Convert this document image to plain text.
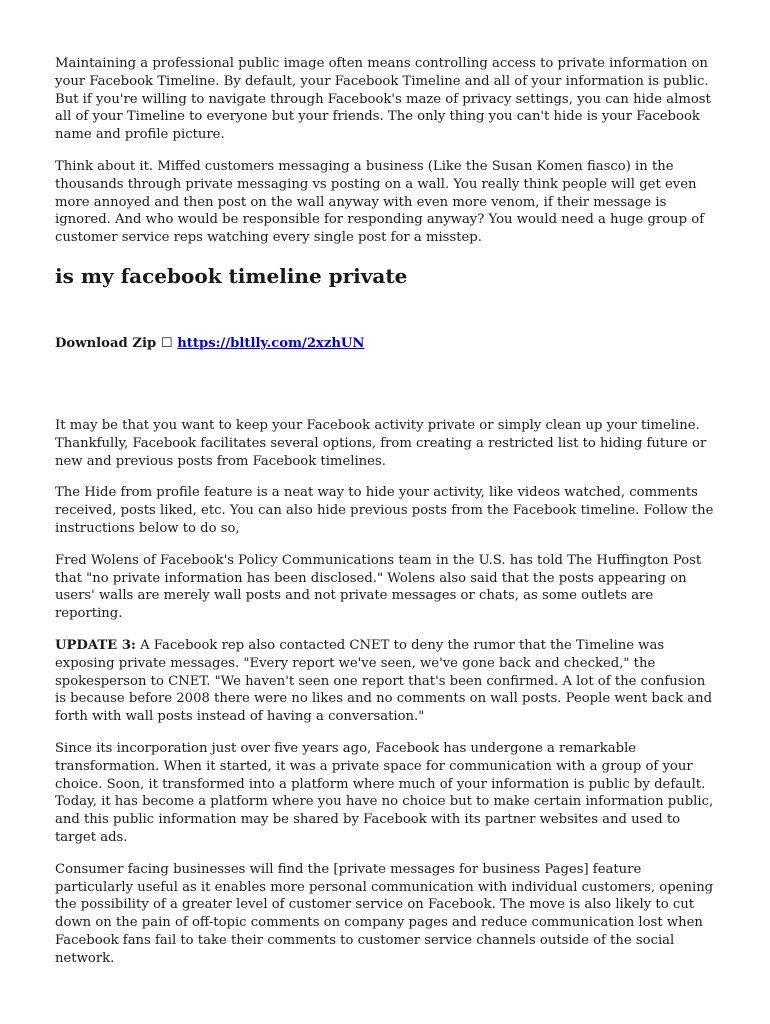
Maintaining a professional public image often means controlling access to private information on your Facebook Timeline. By default, your Facebook Timeline and all of your information is public. But if you're willing to navigate through Facebook's maze of privacy settings, you can hide almost all of your Timeline to everyone but your friends. The only thing you can't hide is your Facebook name and profile picture.

Think about it. Miffed customers messaging a business (Like the Susan Komen fiasco) in the thousands through private messaging vs posting on a wall. You really think people will get even more annoyed and then post on the wall anyway with even more venom, if their message is ignored. And who would be responsible for responding anyway? You would need a huge group of customer service reps watching every single post for a misstep.

is my facebook timeline private
Download Zip ☐ https://bltlly.com/2xzhUN

It may be that you want to keep your Facebook activity private or simply clean up your timeline. Thankfully, Facebook facilitates several options, from creating a restricted list to hiding future or new and previous posts from Facebook timelines.

The Hide from profile feature is a neat way to hide your activity, like videos watched, comments received, posts liked, etc. You can also hide previous posts from the Facebook timeline. Follow the instructions below to do so,

Fred Wolens of Facebook's Policy Communications team in the U.S. has told The Huffington Post that "no private information has been disclosed." Wolens also said that the posts appearing on users' walls are merely wall posts and not private messages or chats, as some outlets are reporting.

UPDATE 3: A Facebook rep also contacted CNET to deny the rumor that the Timeline was exposing private messages. "Every report we've seen, we've gone back and checked," the spokesperson to CNET. "We haven't seen one report that's been confirmed. A lot of the confusion is because before 2008 there were no likes and no comments on wall posts. People went back and forth with wall posts instead of having a conversation."

Since its incorporation just over five years ago, Facebook has undergone a remarkable transformation. When it started, it was a private space for communication with a group of your choice. Soon, it transformed into a platform where much of your information is public by default. Today, it has become a platform where you have no choice but to make certain information public, and this public information may be shared by Facebook with its partner websites and used to target ads.

Consumer facing businesses will find the [private messages for business Pages] feature particularly useful as it enables more personal communication with individual customers, opening the possibility of a greater level of customer service on Facebook. The move is also likely to cut down on the pain of off-topic comments on company pages and reduce communication lost when Facebook fans fail to take their comments to customer service channels outside of the social network.
